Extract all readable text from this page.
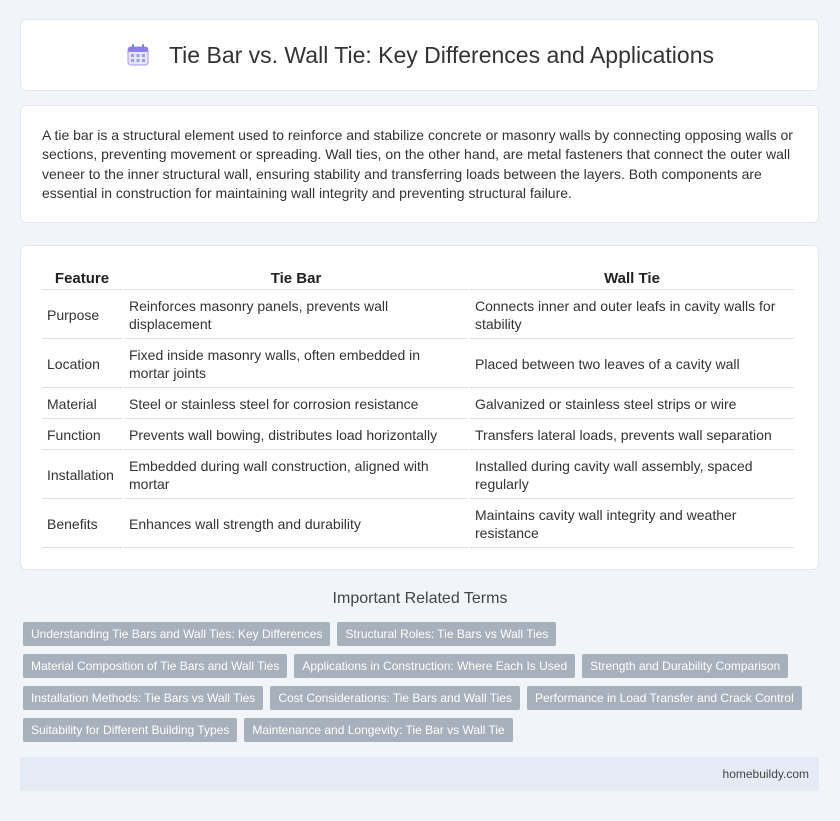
Tie Bar vs. Wall Tie: Key Differences and Applications

A tie bar is a structural element used to reinforce and stabilize concrete or masonry walls by connecting opposing walls or sections, preventing movement or spreading. Wall ties, on the other hand, are metal fasteners that connect the outer wall veneer to the inner structural wall, ensuring stability and transferring loads between the layers. Both components are essential in construction for maintaining wall integrity and preventing structural failure.

Feature	Tie Bar	Wall Tie
Purpose	Reinforces masonry panels, prevents wall displacement	Connects inner and outer leafs in cavity walls for stability
Location	Fixed inside masonry walls, often embedded in mortar joints	Placed between two leaves of a cavity wall
Material	Steel or stainless steel for corrosion resistance	Galvanized or stainless steel strips or wire
Function	Prevents wall bowing, distributes load horizontally	Transfers lateral loads, prevents wall separation
Installation	Embedded during wall construction, aligned with mortar	Installed during cavity wall assembly, spaced regularly
Benefits	Enhances wall strength and durability	Maintains cavity wall integrity and weather resistance
Important Related Terms
Understanding Tie Bars and Wall Ties: Key Differences	Structural Roles: Tie Bars vs Wall Ties
Material Composition of Tie Bars and Wall Ties	Applications in Construction: Where Each Is Used	Strength and Durability Comparison
Installation Methods: Tie Bars vs Wall Ties	Cost Considerations: Tie Bars and Wall Ties	Performance in Load Transfer and Crack Control
Suitability for Different Building Types	Maintenance and Longevity: Tie Bar vs Wall Tie
homebuildy.com
